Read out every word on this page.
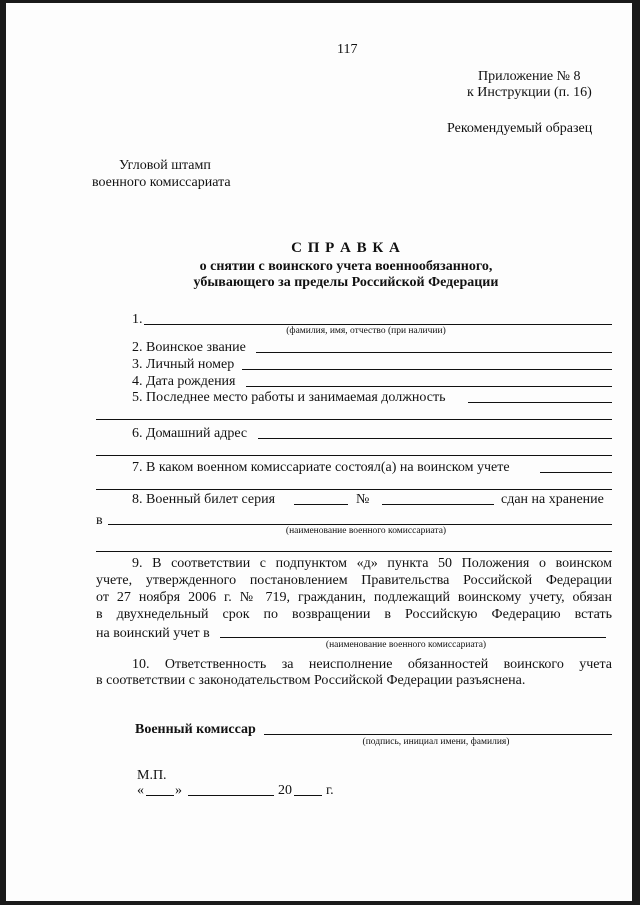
117
Приложение № 8
к Инструкции (п. 16)
Рекомендуемый образец
Угловой штамп
военного комиссариата
С П Р А В К А
о снятии с воинского учета военнообязанного,
убывающего за пределы Российской Федерации
1.
(фамилия, имя, отчество (при наличии)
2. Воинское звание
3. Личный номер
4. Дата рождения
5. Последнее место работы и занимаемая должность
6. Домашний адрес
7. В каком военном комиссариате состоял(а) на воинском учете
8. Военный билет серия	№	сдан на хранение
в
(наименование военного комиссариата)
9. В соответствии с подпунктом «д» пункта 50 Положения о воинском
учете, утвержденного постановлением Правительства Российской Федерации
от 27 ноября 2006 г. № 719, гражданин, подлежащий воинскому учету, обязан
в двухнедельный срок по возвращении в Российскую Федерацию встать
на воинский учет в
(наименование военного комиссариата)
10. Ответственность за неисполнение обязанностей воинского учета
в соответствии с законодательством Российской Федерации разъяснена.
Военный комиссар
(подпись, инициал имени, фамилия)
М.П.
« »	20 г.
